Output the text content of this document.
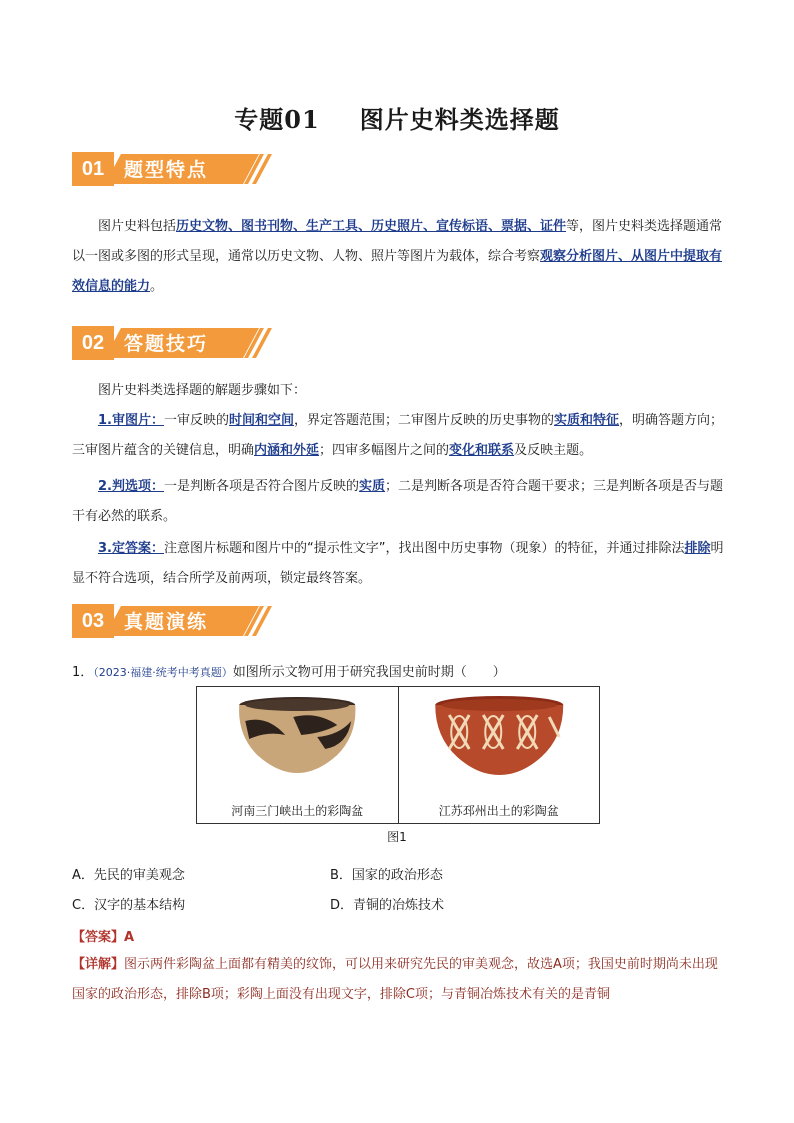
专题01 图片史料类选择题
01	题型特点
图片史料包括历史文物、图书刊物、生产工具、历史照片、宣传标语、票据、证件等，图片史料类选择题通常以一图或多图的形式呈现，通常以历史文物、人物、照片等图片为载体，综合考察观察分析图片、从图片中提取有效信息的能力。
02	答题技巧
图片史料类选择题的解题步骤如下：
1.审图片：一审反映的时间和空间，界定答题范围；二审图片反映的历史事物的实质和特征，明确答题方向；三审图片蕴含的关键信息，明确内涵和外延；四审多幅图片之间的变化和联系及反映主题。
2.判选项：一是判断各项是否符合图片反映的实质；二是判断各项是否符合题干要求；三是判断各项是否与题干有必然的联系。
3.定答案：注意图片标题和图片中的“提示性文字”，找出图中历史事物（现象）的特征，并通过排除法排除明显不符合选项，结合所学及前两项，锁定最终答案。
03	真题演练
1．（2023·福建·统考中考真题）如图所示文物可用于研究我国史前时期（　　）
河南三门峡出土的彩陶盆	江苏邳州出土的彩陶盆
图1
A．先民的审美观念	B．国家的政治形态
C．汉字的基本结构	D．青铜的冶炼技术
【答案】A
【详解】图示两件彩陶盆上面都有精美的纹饰，可以用来研究先民的审美观念，故选A项；我国史前时期尚未出现国家的政治形态，排除B项；彩陶上面没有出现文字，排除C项；与青铜冶炼技术有关的是青铜
